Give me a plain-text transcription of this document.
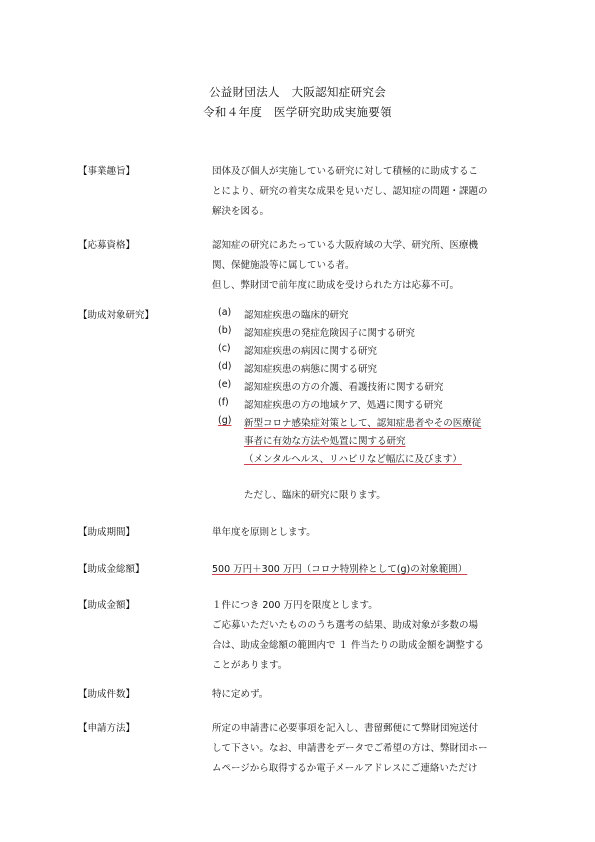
公益財団法人　大阪認知症研究会
令和４年度　医学研究助成実施要領
【事業趣旨】	団体及び個人が実施している研究に対して積極的に助成するこ
とにより、研究の着実な成果を見いだし、認知症の問題・課題の
解決を図る。
【応募資格】	認知症の研究にあたっている大阪府域の大学、研究所、医療機
関、保健施設等に属している者。
但し、弊財団で前年度に助成を受けられた方は応募不可。
【助成対象研究】	(a) 認知症疾患の臨床的研究
(b) 認知症疾患の発症危険因子に関する研究
(c) 認知症疾患の病因に関する研究
(d) 認知症疾患の病態に関する研究
(e) 認知症疾患の方の介護、看護技術に関する研究
(f) 認知症疾患の方の地域ケア、処遇に関する研究
(g) 新型コロナ感染症対策として、認知症患者やその医療従
事者に有効な方法や処置に関する研究
（メンタルヘルス、リハビリなど幅広に及びます）
ただし、臨床的研究に限ります。
【助成期間】	単年度を原則とします。
【助成金総額】	500 万円＋300 万円（コロナ特別枠として(g)の対象範囲）
【助成金額】	１件につき 200 万円を限度とします。
ご応募いただいたもののうち選考の結果、助成対象が多数の場
合は、助成金総額の範囲内で １ 件当たりの助成金額を調整する
ことがあります。
【助成件数】	特に定めず。
【申請方法】	所定の申請書に必要事項を記入し、書留郵便にて弊財団宛送付
して下さい。なお、申請書をデータでご希望の方は、弊財団ホー
ムページから取得するか電子メールアドレスにご連絡いただけ
